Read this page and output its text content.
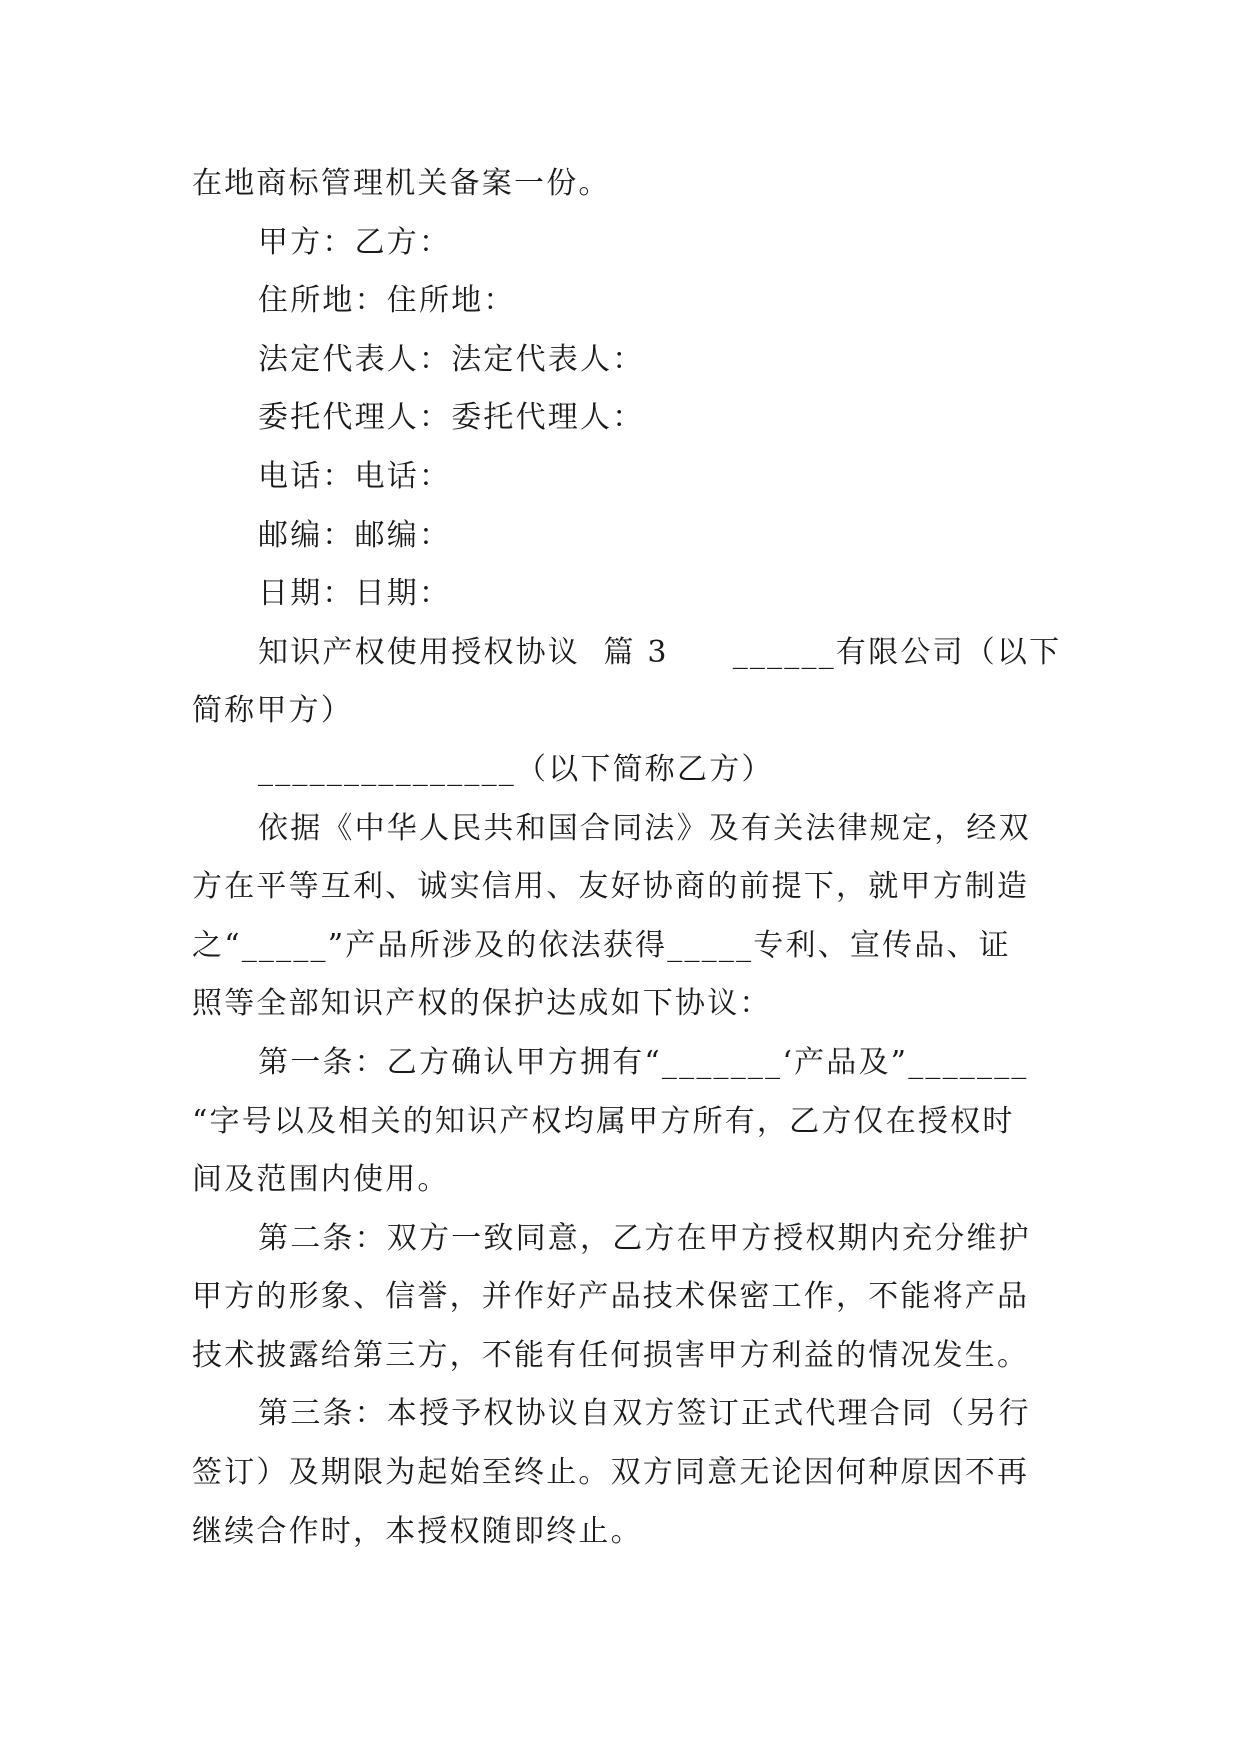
在地商标管理机关备案一份。
甲方：乙方：
住所地：住所地：
法定代表人：法定代表人：
委托代理人：委托代理人：
电话：电话：
邮编：邮编：
日期：日期：
知识产权使用授权协议  篇 3 ______有限公司（以下
简称甲方）
_______________（以下简称乙方）
依据《中华人民共和国合同法》及有关法律规定，经双
方在平等互利、诚实信用、友好协商的前提下，就甲方制造
之“_____”产品所涉及的依法获得_____专利、宣传品、证
照等全部知识产权的保护达成如下协议：
第一条：乙方确认甲方拥有“_______‘产品及”_______
“字号以及相关的知识产权均属甲方所有，乙方仅在授权时
间及范围内使用。
第二条：双方一致同意，乙方在甲方授权期内充分维护
甲方的形象、信誉，并作好产品技术保密工作，不能将产品
技术披露给第三方，不能有任何损害甲方利益的情况发生。
第三条：本授予权协议自双方签订正式代理合同（另行
签订）及期限为起始至终止。双方同意无论因何种原因不再
继续合作时，本授权随即终止。
